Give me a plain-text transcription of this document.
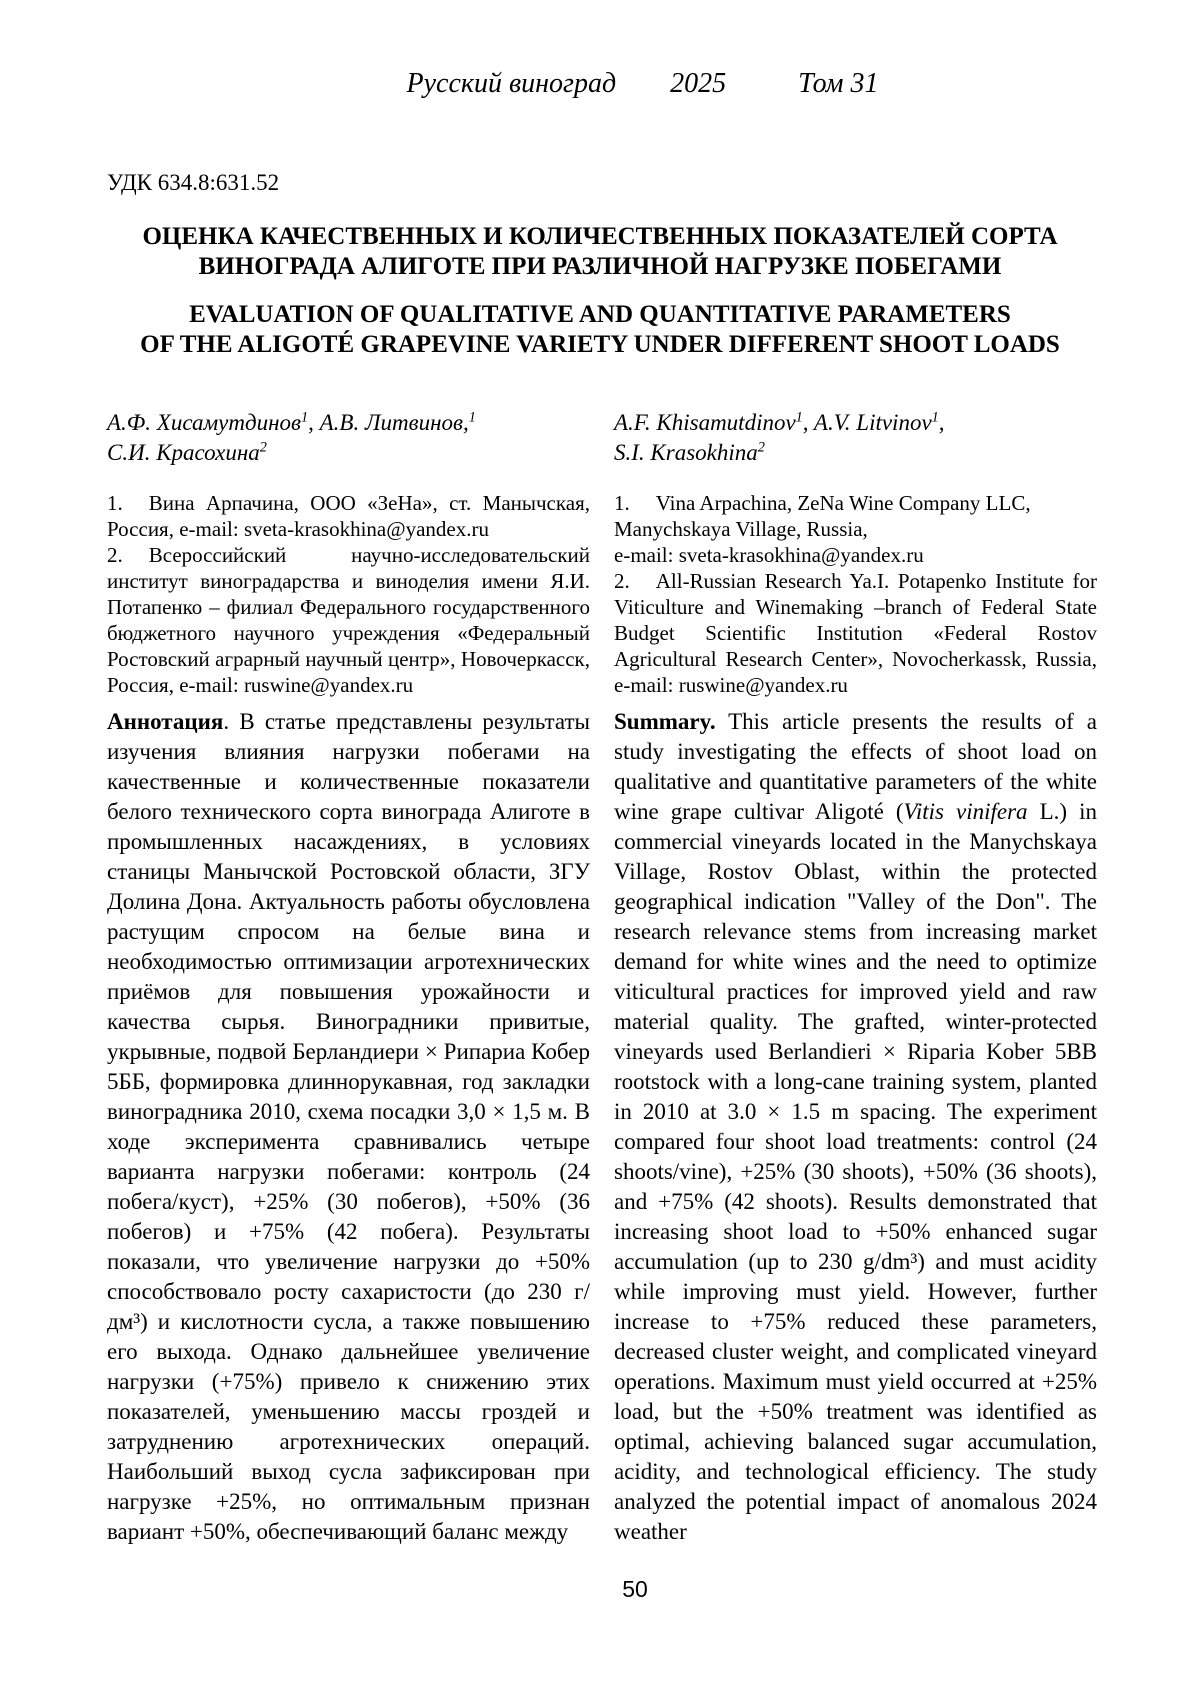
Русский виноград 2025	Том 31
УДК 634.8:631.52
ОЦЕНКА КАЧЕСТВЕННЫХ И КОЛИЧЕСТВЕННЫХ ПОКАЗАТЕЛЕЙ СОРТА
ВИНОГРАДА АЛИГОТЕ ПРИ РАЗЛИЧНОЙ НАГРУЗКЕ ПОБЕГАМИ
EVALUATION OF QUALITATIVE AND QUANTITATIVE PARAMETERS
OF THE ALIGOTÉ GRAPEVINE VARIETY UNDER DIFFERENT SHOOT LOADS
А.Ф. Хисамутдинов$^1$, А.В. Литвинов,$^1$
С.И. Красохина$^2$

1. Вина Арпачина, ООО «ЗеНа», ст. Манычская, Россия, e-mail: sveta-krasokhina@yandex.ru

2. Всероссийский научно-исследовательский институт виноградарства и виноделия имени Я.И. Потапенко – филиал Федерального государственного бюджетного научного учреждения «Федеральный Ростовский аграрный научный центр», Новочеркасск, Россия, e-mail: ruswine@yandex.ru

Аннотация. В статье представлены результаты изучения влияния нагрузки побегами на качественные и количественные показатели белого технического сорта винограда Алиготе в промышленных насаждениях, в условиях станицы Манычской Ростовской области, ЗГУ Долина Дона. Актуальность работы обусловлена растущим спросом на белые вина и необходимостью оптимизации агротехнических приёмов для повышения урожайности и качества сырья. Виноградники привитые, укрывные, подвой Берландиери × Рипариа Кобер 5ББ, формировка длиннорукавная, год закладки виноградника 2010, схема посадки 3,0 × 1,5 м. В ходе эксперимента сравнивались четыре варианта нагрузки побегами: контроль (24 побега/куст), +25% (30 побегов), +50% (36 побегов) и +75% (42 побега). Результаты показали, что увеличение нагрузки до +50% способствовало росту сахаристости (до 230 г/дм³) и кислотности сусла, а также повышению его выхода. Однако дальнейшее увеличение нагрузки (+75%) привело к снижению этих показателей, уменьшению массы гроздей и затруднению агротехнических операций. Наибольший выход сусла зафиксирован при нагрузке +25%, но оптимальным признан вариант +50%, обеспечивающий баланс между

A.F. Khisamutdinov$^1$, A.V. Litvinov$^1$,
S.I. Krasokhina$^2$

1. Vina Arpachina, ZeNa Wine Company LLC,
Manychskaya Village, Russia,
e-mail: sveta-krasokhina@yandex.ru

2. All-Russian Research Ya.I. Potapenko Institute for Viticulture and Winemaking –branch of Federal State Budget Scientific Institution «Federal Rostov Agricultural Research Center», Novocherkassk, Russia, e-mail: ruswine@yandex.ru

Summary. This article presents the results of a study investigating the effects of shoot load on qualitative and quantitative parameters of the white wine grape cultivar Aligoté (Vitis vinifera L.) in commercial vineyards located in the Manychskaya Village, Rostov Oblast, within the protected geographical indication "Valley of the Don". The research relevance stems from increasing market demand for white wines and the need to optimize viticultural practices for improved yield and raw material quality. The grafted, winter-protected vineyards used Berlandieri × Riparia Kober 5BB rootstock with a long-cane training system, planted in 2010 at 3.0 × 1.5 m spacing. The experiment compared four shoot load treatments: control (24 shoots/vine), +25% (30 shoots), +50% (36 shoots), and +75% (42 shoots). Results demonstrated that increasing shoot load to +50% enhanced sugar accumulation (up to 230 g/dm³) and must acidity while improving must yield. However, further increase to +75% reduced these parameters, decreased cluster weight, and complicated vineyard operations. Maximum must yield occurred at +25% load, but the +50% treatment was identified as optimal, achieving balanced sugar accumulation, acidity, and technological efficiency. The study analyzed the potential impact of anomalous 2024 weather

50
